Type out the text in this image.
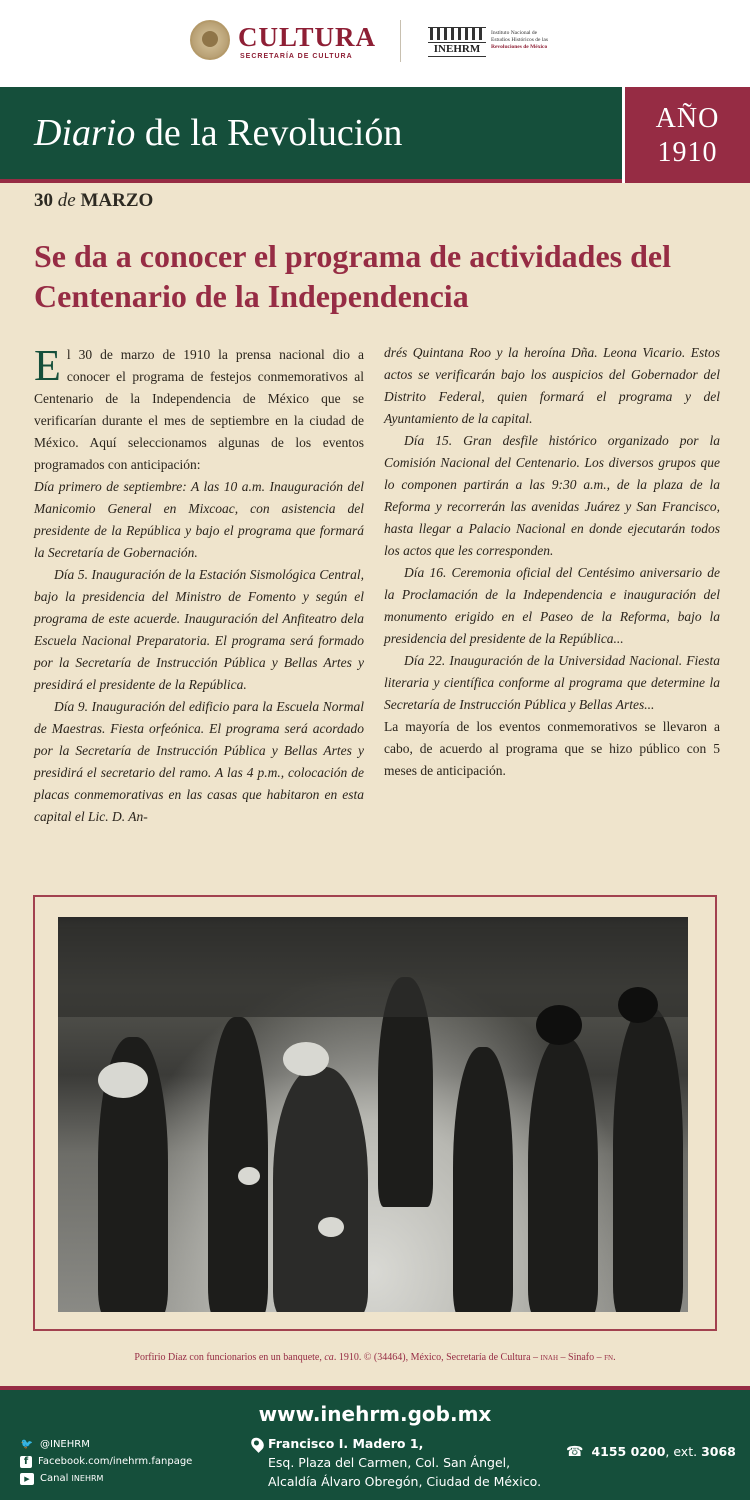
CULTURA
SECRETARÍA DE CULTURA
INEHRM
Instituto Nacional de
Estudios Históricos de las
Revoluciones de México
Diario de la Revolución	AÑO
1910
30 de MARZO
Se da a conocer el programa de actividades del Centenario de la Independencia

El 30 de marzo de 1910 la prensa nacional dio a conocer el programa de festejos conmemorativos al Centenario de la Independencia de México que se verificarían durante el mes de septiembre en la ciudad de México. Aquí seleccionamos algunas de los eventos programados con anticipación:

Día primero de septiembre: A las 10 a.m. Inauguración del Manicomio General en Mixcoac, con asistencia del presidente de la República y bajo el programa que formará la Secretaría de Gobernación.

Día 5. Inauguración de la Estación Sismológica Central, bajo la presidencia del Ministro de Fomento y según el programa de este acuerde. Inauguración del Anfiteatro dela Escuela Nacional Preparatoria. El programa será formado por la Secretaría de Instrucción Pública y Bellas Artes y presidirá el presidente de la República.

Día 9. Inauguración del edificio para la Escuela Normal de Maestras. Fiesta orfeónica. El programa será acordado por la Secretaría de Instrucción Pública y Bellas Artes y presidirá el secretario del ramo. A las 4 p.m., colocación de placas conmemorativas en las casas que habitaron en esta capital el Lic. D. An-

drés Quintana Roo y la heroína Dña. Leona Vicario. Estos actos se verificarán bajo los auspicios del Gobernador del Distrito Federal, quien formará el programa y del Ayuntamiento de la capital.

Día 15. Gran desfile histórico organizado por la Comisión Nacional del Centenario. Los diversos grupos que lo componen partirán a las 9:30 a.m., de la plaza de la Reforma y recorrerán las avenidas Juárez y San Francisco, hasta llegar a Palacio Nacional en donde ejecutarán todos los actos que les corresponden.

Día 16. Ceremonia oficial del Centésimo aniversario de la Proclamación de la Independencia e inauguración del monumento erigido en el Paseo de la Reforma, bajo la presidencia del presidente de la República...

Día 22. Inauguración de la Universidad Nacional. Fiesta literaria y científica conforme al programa que determine la Secretaría de Instrucción Pública y Bellas Artes...

La mayoría de los eventos conmemorativos se llevaron a cabo, de acuerdo al programa que se hizo público con 5 meses de anticipación.

Porfirio Díaz con funcionarios en un banquete, ca. 1910. © (34464), México, Secretaría de Cultura – inah – Sinafo – fn.
www.inehrm.gob.mx
🐦 @INEHRM
f Facebook.com/inehrm.fanpage
▶	Canal
INEHRM
Francisco I. Madero 1,
Esq. Plaza del Carmen, Col. San Ángel,
Alcaldía Álvaro Obregón, Ciudad de México.
☎ 4155 0200, ext. 3068
